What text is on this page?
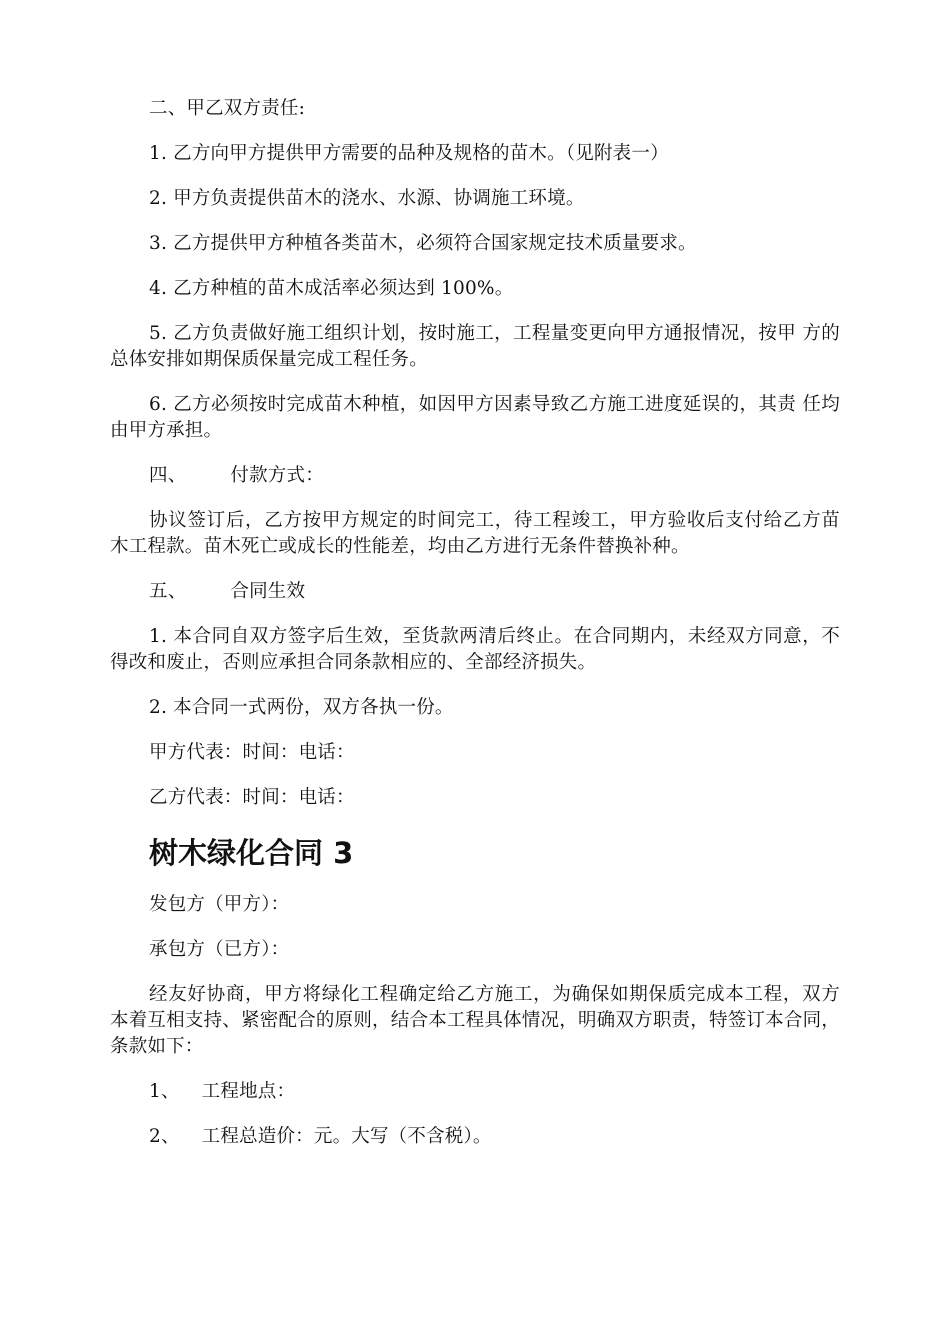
二、甲乙双方责任:

1. 乙方向甲方提供甲方需要的品种及规格的苗木。（见附表一）

2. 甲方负责提供苗木的浇水、水源、协调施工环境。

3. 乙方提供甲方种植各类苗木，必须符合国家规定技术质量要求。

4. 乙方种植的苗木成活率必须达到 100%。

5. 乙方负责做好施工组织计划，按时施工，工程量变更向甲方通报情况，按甲 方的总体安排如期保质保量完成工程任务。

6. 乙方必须按时完成苗木种植，如因甲方因素导致乙方施工进度延误的，其责 任均由甲方承担。

四、 付款方式：

协议签订后，乙方按甲方规定的时间完工，待工程竣工，甲方验收后支付给乙方苗木工程款。苗木死亡或成长的性能差，均由乙方进行无条件替换补种。

五、 合同生效

1. 本合同自双方签字后生效，至货款两清后终止。在合同期内，未经双方同意，不得改和废止，否则应承担合同条款相应的、全部经济损失。

2. 本合同一式两份，双方各执一份。

甲方代表：时间：电话：

乙方代表：时间：电话：

树木绿化合同 3

发包方（甲方）：

承包方（已方）：

经友好协商，甲方将绿化工程确定给乙方施工，为确保如期保质完成本工程，双方本着互相支持、紧密配合的原则，结合本工程具体情况，明确双方职责，特签订本合同，条款如下：

1、 工程地点：

2、 工程总造价：元。大写（不含税）。
